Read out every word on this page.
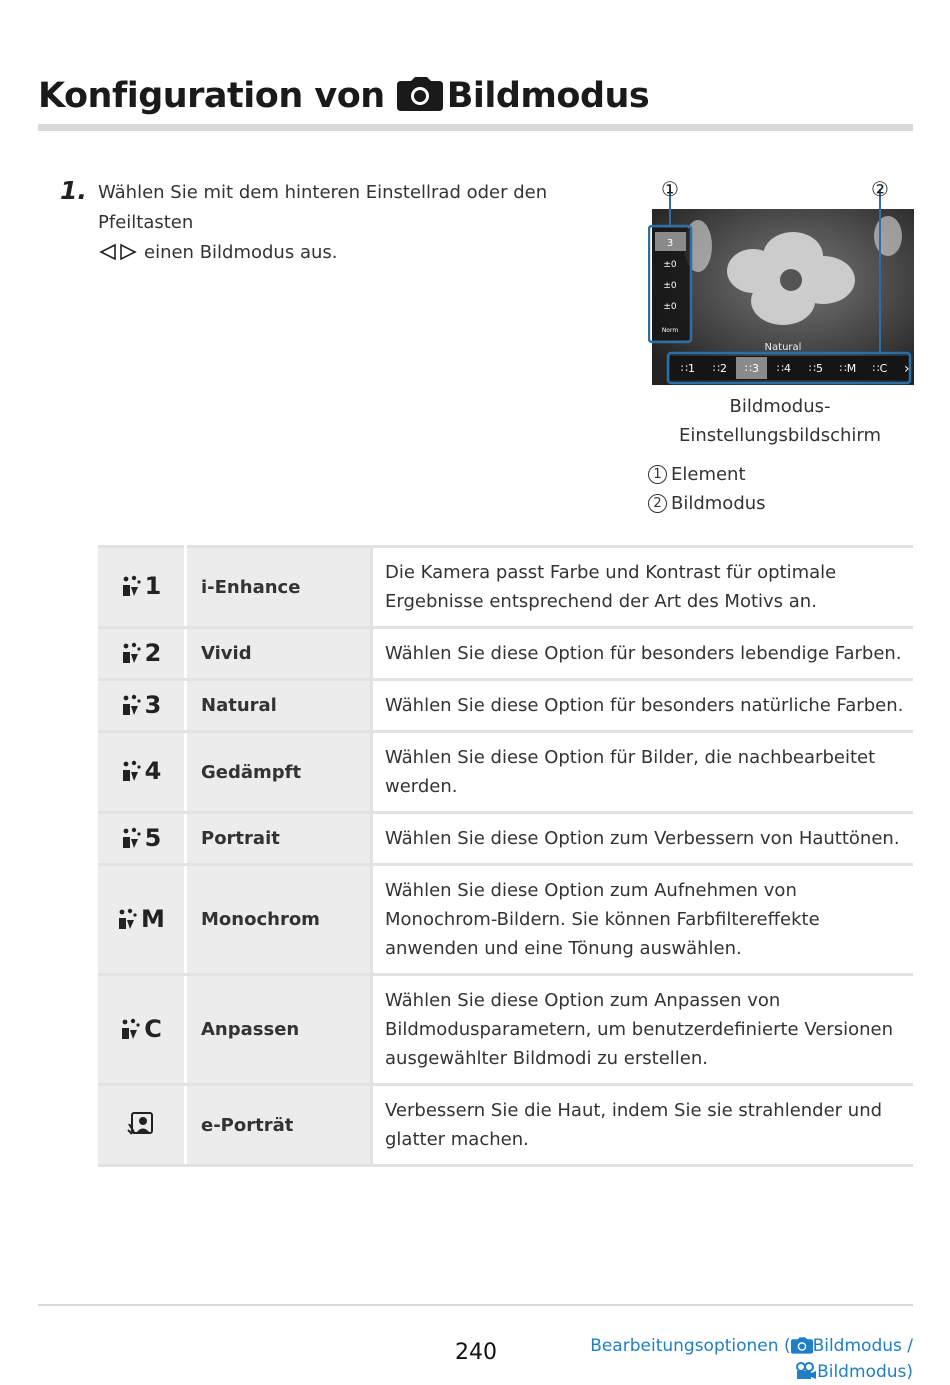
Konfiguration von Bildmodus
1. Wählen Sie mit dem hinteren Einstellrad oder den Pfeiltasten
einen Bildmodus aus.	3
±0
±0
±0
Norm
Natural
∷1 ∷2 ∷3 ∷4 ∷5 ∷M ∷C ›
①	②
Bildmodus-
Einstellungsbildschirm
1 Element
2 Bildmodus
1	i-Enhance	Die Kamera passt Farbe und Kontrast für optimale Ergebnisse entsprechend der Art des Motivs an.

2	Vivid	Wählen Sie diese Option für besonders lebendige Farben.

3	Natural	Wählen Sie diese Option für besonders natürliche Farben.

4	Gedämpft	Wählen Sie diese Option für Bilder, die nachbearbeitet werden.

5	Portrait	Wählen Sie diese Option zum Verbessern von Hauttönen.

M	Monochrom	Wählen Sie diese Option zum Aufnehmen von Monochrom-Bildern. Sie können Farbfiltereffekte anwenden und eine Tönung auswählen.

C	Anpassen	Wählen Sie diese Option zum Anpassen von Bildmodusparametern, um benutzerdefinierte Versionen ausgewählter Bildmodi zu erstellen.

	e-Porträt	Verbessern Sie die Haut, indem Sie sie strahlender und glatter machen.
240	Bearbeitungsoptionen ( Bildmodus /
Bildmodus)
